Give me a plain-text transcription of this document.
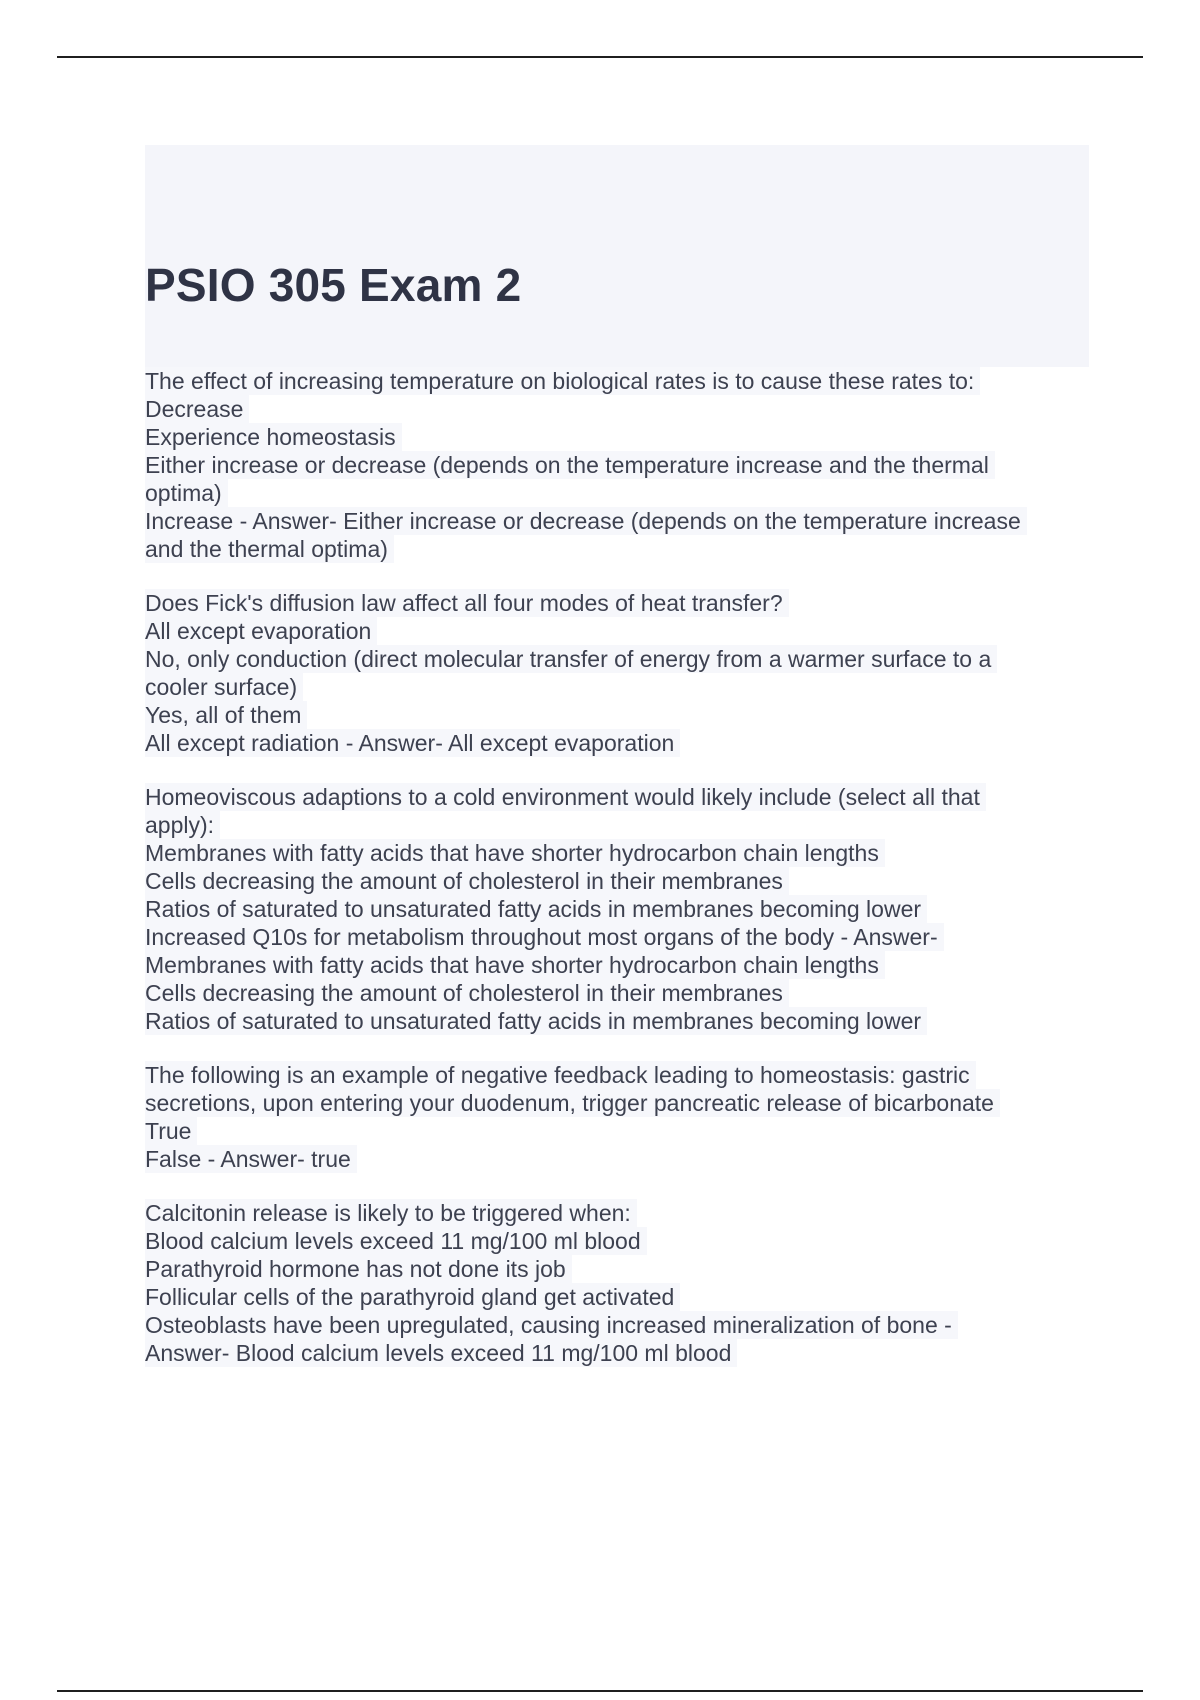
PSIO 305 Exam 2
The effect of increasing temperature on biological rates is to cause these rates to:
Decrease
Experience homeostasis
Either increase or decrease (depends on the temperature increase and the thermal
optima)
Increase - Answer- Either increase or decrease (depends on the temperature increase
and the thermal optima)
Does Fick's diffusion law affect all four modes of heat transfer?
All except evaporation
No, only conduction (direct molecular transfer of energy from a warmer surface to a
cooler surface)
Yes, all of them
All except radiation - Answer- All except evaporation
Homeoviscous adaptions to a cold environment would likely include (select all that
apply):
Membranes with fatty acids that have shorter hydrocarbon chain lengths
Cells decreasing the amount of cholesterol in their membranes
Ratios of saturated to unsaturated fatty acids in membranes becoming lower
Increased Q10s for metabolism throughout most organs of the body - Answer-
Membranes with fatty acids that have shorter hydrocarbon chain lengths
Cells decreasing the amount of cholesterol in their membranes
Ratios of saturated to unsaturated fatty acids in membranes becoming lower
The following is an example of negative feedback leading to homeostasis: gastric
secretions, upon entering your duodenum, trigger pancreatic release of bicarbonate
True
False - Answer- true
Calcitonin release is likely to be triggered when:
Blood calcium levels exceed 11 mg/100 ml blood
Parathyroid hormone has not done its job
Follicular cells of the parathyroid gland get activated
Osteoblasts have been upregulated, causing increased mineralization of bone -
Answer- Blood calcium levels exceed 11 mg/100 ml blood
